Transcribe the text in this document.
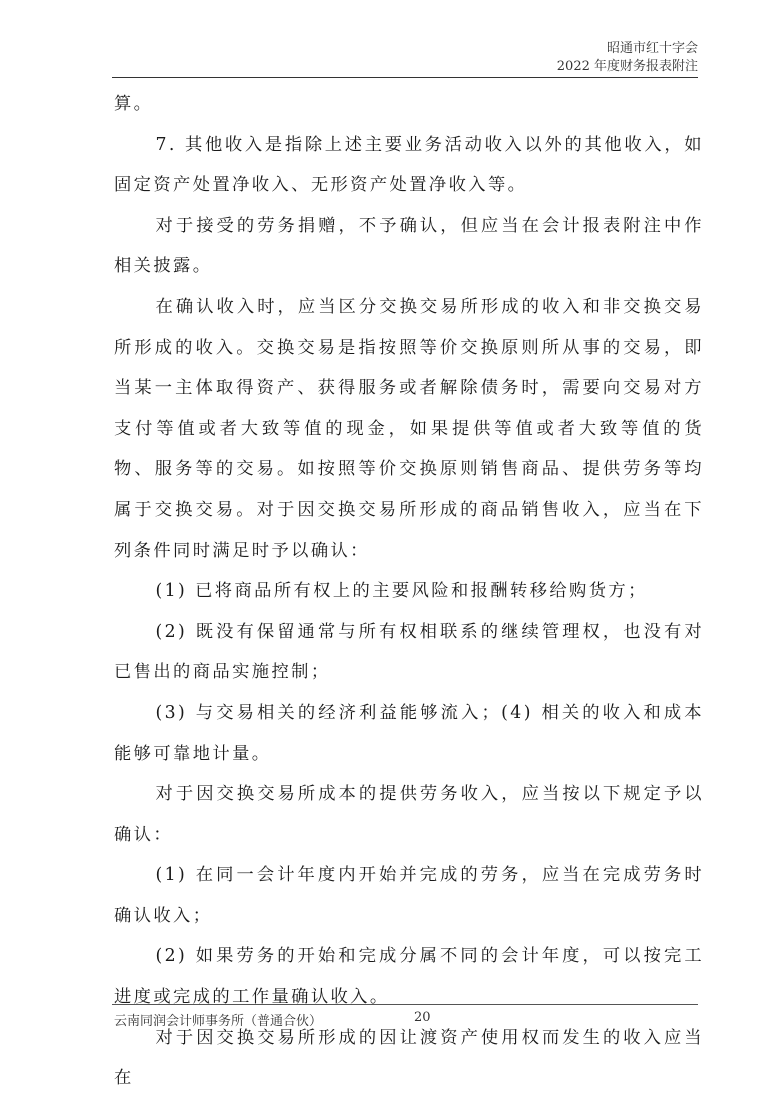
昭通市红十字会
2022 年度财务报表附注

算。

7. 其他收入是指除上述主要业务活动收入以外的其他收入，如固定资产处置净收入、无形资产处置净收入等。

对于接受的劳务捐赠，不予确认，但应当在会计报表附注中作相关披露。

在确认收入时，应当区分交换交易所形成的收入和非交换交易所形成的收入。交换交易是指按照等价交换原则所从事的交易，即当某一主体取得资产、获得服务或者解除债务时，需要向交易对方支付等值或者大致等值的现金，如果提供等值或者大致等值的货物、服务等的交易。如按照等价交换原则销售商品、提供劳务等均属于交换交易。对于因交换交易所形成的商品销售收入，应当在下列条件同时满足时予以确认：

(1) 已将商品所有权上的主要风险和报酬转移给购货方；

(2) 既没有保留通常与所有权相联系的继续管理权，也没有对已售出的商品实施控制；

(3) 与交易相关的经济利益能够流入；(4) 相关的收入和成本能够可靠地计量。

对于因交换交易所成本的提供劳务收入，应当按以下规定予以确认：

(1) 在同一会计年度内开始并完成的劳务，应当在完成劳务时确认收入；

(2) 如果劳务的开始和完成分属不同的会计年度，可以按完工进度或完成的工作量确认收入。

对于因交换交易所形成的因让渡资产使用权而发生的收入应当在

云南同润会计师事务所（普通合伙）	20
